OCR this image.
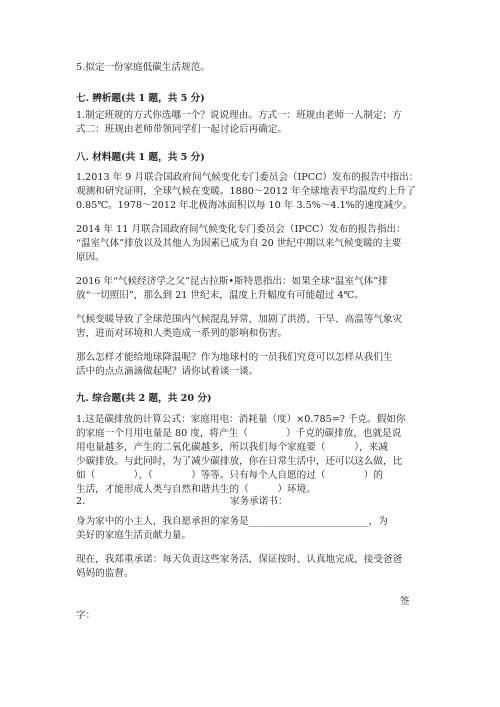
5.拟定一份家庭低碳生活规范。
七. 辨析题(共 1 题，共 5 分)
1.制定班规的方式你选哪一个？说说理由。方式一：班规由老师一人制定；方
式二：班规由老师带领同学们一起讨论后再确定。
八. 材料题(共 1 题，共 5 分)
1.2013 年 9 月联合国政府间气候变化专门委员会（IPCC）发布的报告中指出：
观测和研究证明，全球气候在变暖。1880～2012 年全球地表平均温度约上升了
0.85℃。1978～2012 年北极海冰面积以每 10 年 3.5%～4.1%的速度减少。
2014 年 11 月联合国政府间气候变化专门委员会（IPCC）发布的报告指出：
“温室气体”排放以及其他人为因素已成为自 20 世纪中期以来气候变暖的主要
原因。
2016 年“气候经济学之父”昆古拉斯•斯特恩指出：如果全球“温室气体”排
放“一切照旧”，那么到 21 世纪末，温度上升幅度有可能超过 4℃。
气候变暖导致了全球范围内气候混乱异常，加剧了洪涝、干旱、高温等气象灾
害，进而对环境和人类造成一系列的影响和伤害。
那么怎样才能给地球降温呢？作为地球村的一员我们究竟可以怎样从我们生
活中的点点滴滴做起呢？请你试着谈一谈。
九. 综合题(共 2 题，共 20 分)
1.这是碳排放的计算公式：家庭用电：消耗量（度）×0.785=? 千克。假如你
的家庭一个月用电量是 80 度，将产生（　　　　）千克的碳排放，也就是说
用电量越多，产生的二氧化碳越多，所以我们每个家庭要（　　　），来减
少碳排放。与此同时，为了减少碳排放，你在日常生活中，还可以这么做，比
如（　　　　）、（　　　　）等等。只有每个人自愿的过（　　　　）的
生活，才能形成人类与自然和谐共生的（　　　）环境。
2.	家务承诺书：
身为家中的小主人，我自愿承担的家务是_________________________，为
美好的家庭生活贡献力量。
现在，我郑重承诺：每天负责这些家务活，保证按时、认真地完成，接受爸爸
妈妈的监督。
签
字：
